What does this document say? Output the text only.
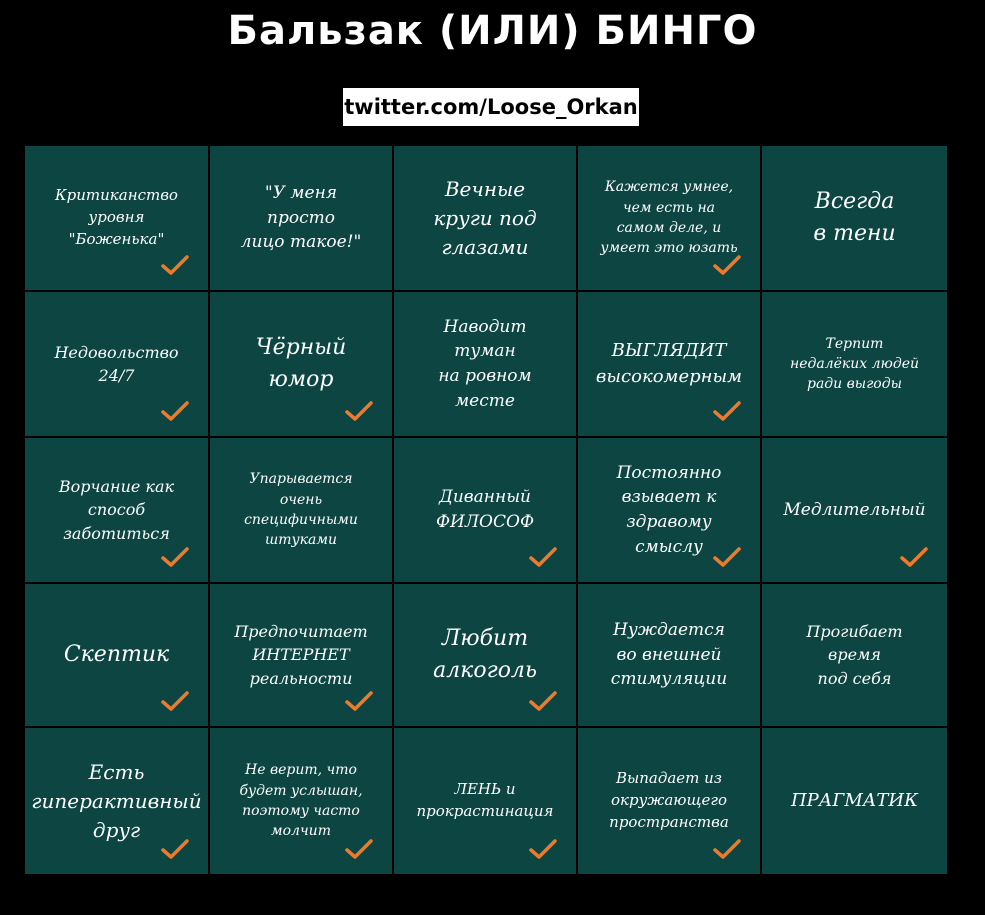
Бальзак (ИЛИ) БИНГО
twitter.com/Loose_Orkan
Критиканство
уровня
"Боженька"
"У меня
просто
лицо такое!"
Вечные
круги под
глазами
Кажется умнее,
чем есть на
самом деле, и
умеет это юзать
Всегда
в тени
Недовольство
24/7
Чёрный
юмор
Наводит
туман
на ровном
месте
ВЫГЛЯДИТ
высокомерным
Терпит
недалёких людей
ради выгоды
Ворчание как
способ
заботиться
Упарывается
очень
специфичными
штуками
Диванный
ФИЛОСОФ
Постоянно
взывает к
здравому
смыслу
Медлительный
Скептик
Предпочитает
ИНТЕРНЕТ
реальности
Любит
алкоголь
Нуждается
во внешней
стимуляции
Прогибает
время
под себя
Есть
гиперактивный
друг
Не верит, что
будет услышан,
поэтому часто
молчит
ЛЕНЬ и
прокрастинация
Выпадает из
окружающего
пространства
ПРАГМАТИК
